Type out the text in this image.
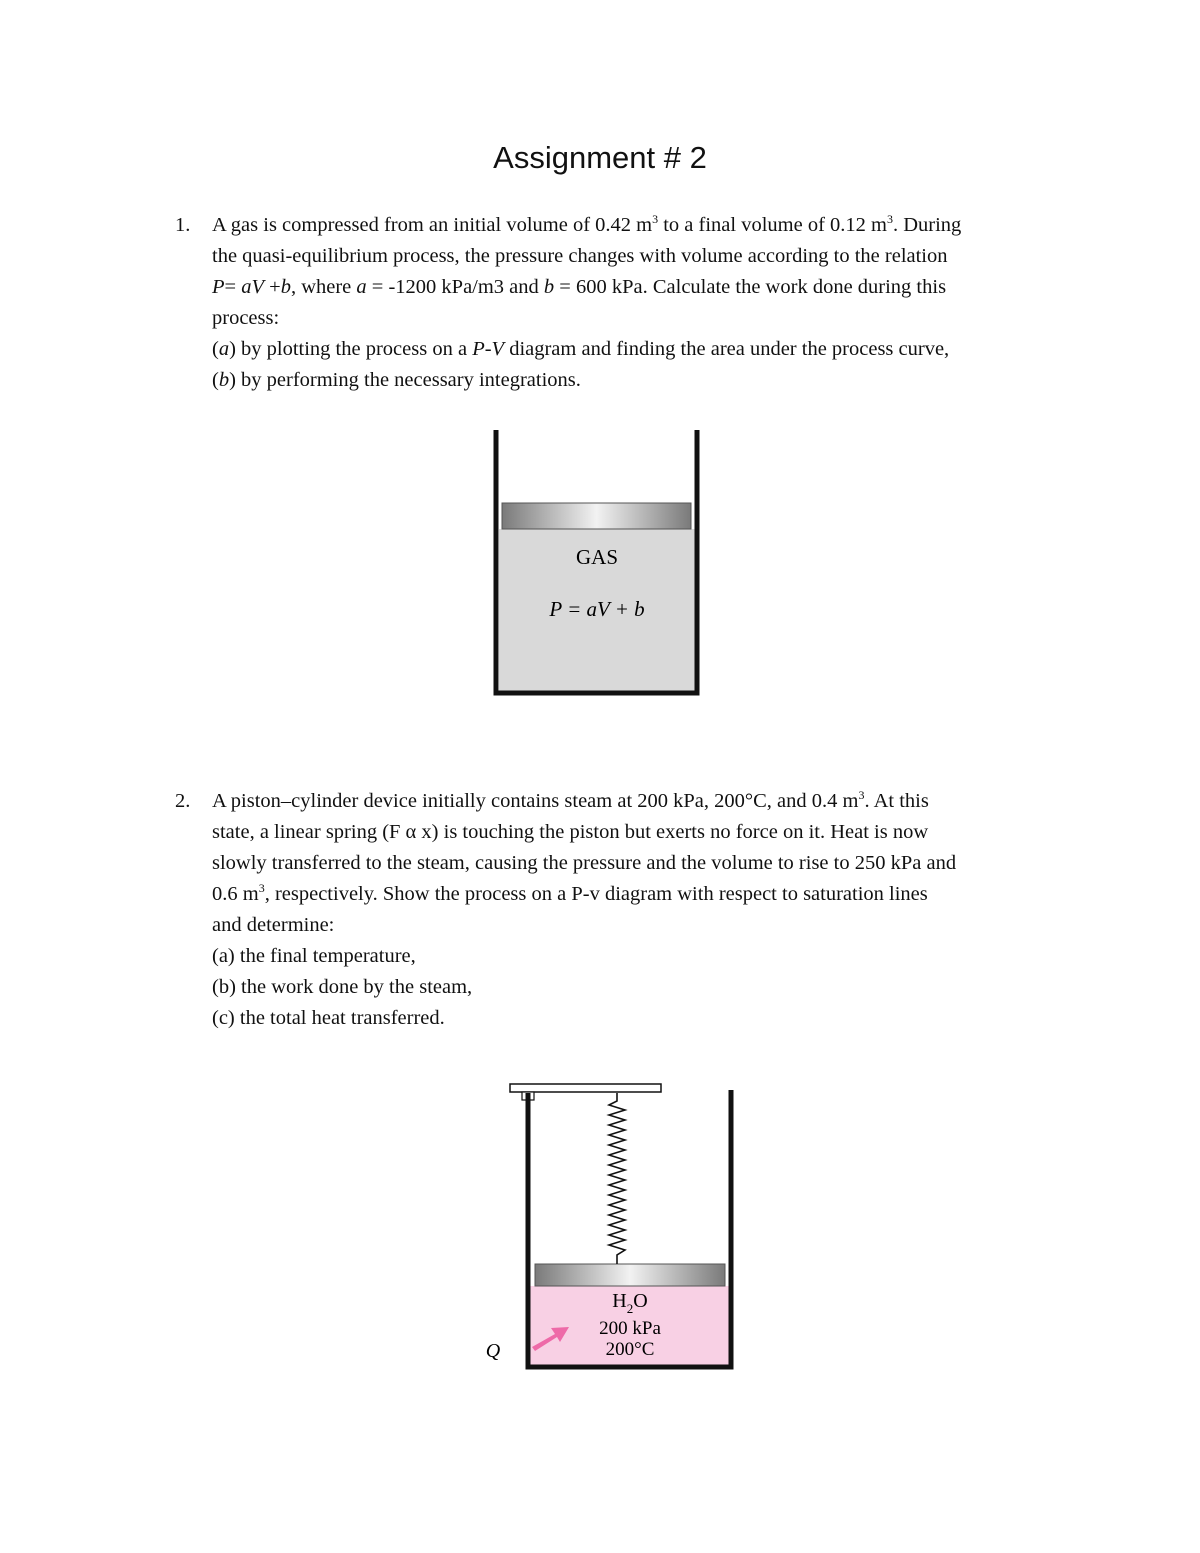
Assignment # 2
1. A gas is compressed from an initial volume of 0.42 $m^3$ to a final volume of 0.12 $m^3$. During
the quasi-equilibrium process, the pressure changes with volume according to the relation
P= aV +b, where a = -1200 kPa/m3 and b = 600 kPa. Calculate the work done during this
process:
(a) by plotting the process on a P-V diagram and finding the area under the process curve,
(b) by performing the necessary integrations.
GAS
P = aV + b
2. A piston–cylinder device initially contains steam at 200 kPa, 200°C, and 0.4 $m^3$. At this
state, a linear spring (F α x) is touching the piston but exerts no force on it. Heat is now
slowly transferred to the steam, causing the pressure and the volume to rise to 250 kPa and
0.6 $m^3$, respectively. Show the process on a P-v diagram with respect to saturation lines
and determine:
(a) the final temperature,
(b) the work done by the steam,
(c) the total heat transferred.
$H_2O$
200 kPa
200°C
Q
